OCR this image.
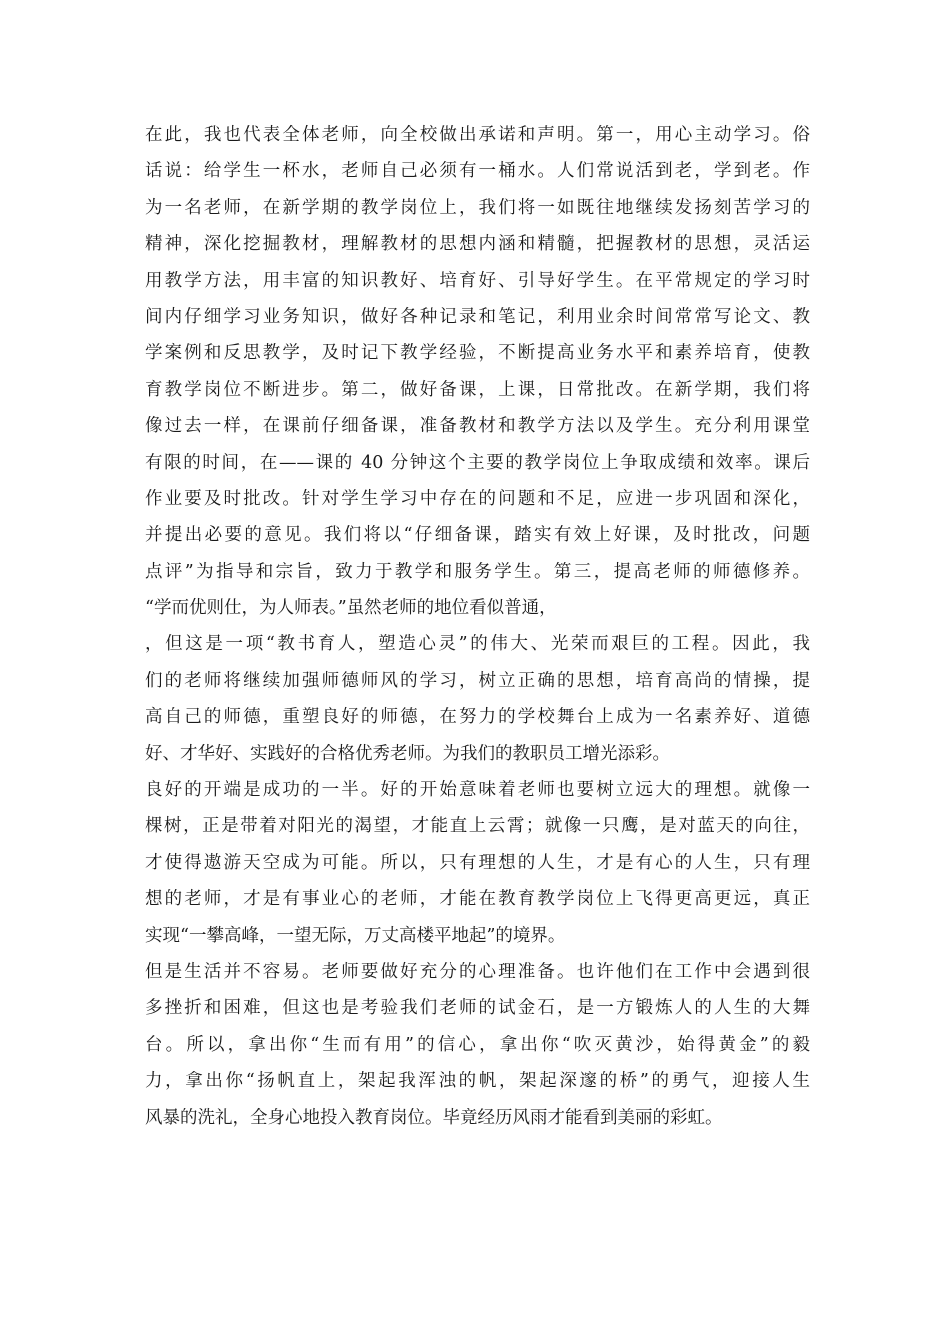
在此，我也代表全体老师，向全校做出承诺和声明。第一，用心主动学习。俗
话说：给学生一杯水，老师自己必须有一桶水。人们常说活到老，学到老。作
为一名老师，在新学期的教学岗位上，我们将一如既往地继续发扬刻苦学习的
精神，深化挖掘教材，理解教材的思想内涵和精髓，把握教材的思想，灵活运
用教学方法，用丰富的知识教好、培育好、引导好学生。在平常规定的学习时
间内仔细学习业务知识，做好各种记录和笔记，利用业余时间常常写论文、教
学案例和反思教学，及时记下教学经验，不断提高业务水平和素养培育，使教
育教学岗位不断进步。第二，做好备课，上课，日常批改。在新学期，我们将
像过去一样，在课前仔细备课，准备教材和教学方法以及学生。充分利用课堂
有限的时间，在——课的 40 分钟这个主要的教学岗位上争取成绩和效率。课后
作业要及时批改。针对学生学习中存在的问题和不足，应进一步巩固和深化，
并提出必要的意见。我们将以“仔细备课，踏实有效上好课，及时批改，问题
点评”为指导和宗旨，致力于教学和服务学生。第三，提高老师的师德修养。
“学而优则仕，为人师表。”虽然老师的地位看似普通，
，但这是一项“教书育人，塑造心灵”的伟大、光荣而艰巨的工程。因此，我
们的老师将继续加强师德师风的学习，树立正确的思想，培育高尚的情操，提
高自己的师德，重塑良好的师德，在努力的学校舞台上成为一名素养好、道德
好、才华好、实践好的合格优秀老师。为我们的教职员工增光添彩。
良好的开端是成功的一半。好的开始意味着老师也要树立远大的理想。就像一
棵树，正是带着对阳光的渴望，才能直上云霄；就像一只鹰，是对蓝天的向往，
才使得遨游天空成为可能。所以，只有理想的人生，才是有心的人生，只有理
想的老师，才是有事业心的老师，才能在教育教学岗位上飞得更高更远，真正
实现“一攀高峰，一望无际，万丈高楼平地起”的境界。
但是生活并不容易。老师要做好充分的心理准备。也许他们在工作中会遇到很
多挫折和困难，但这也是考验我们老师的试金石，是一方锻炼人的人生的大舞
台。所以，拿出你“生而有用”的信心，拿出你“吹灭黄沙，始得黄金”的毅
力，拿出你“扬帆直上，架起我浑浊的帆，架起深邃的桥”的勇气，迎接人生
风暴的洗礼，全身心地投入教育岗位。毕竟经历风雨才能看到美丽的彩虹。
